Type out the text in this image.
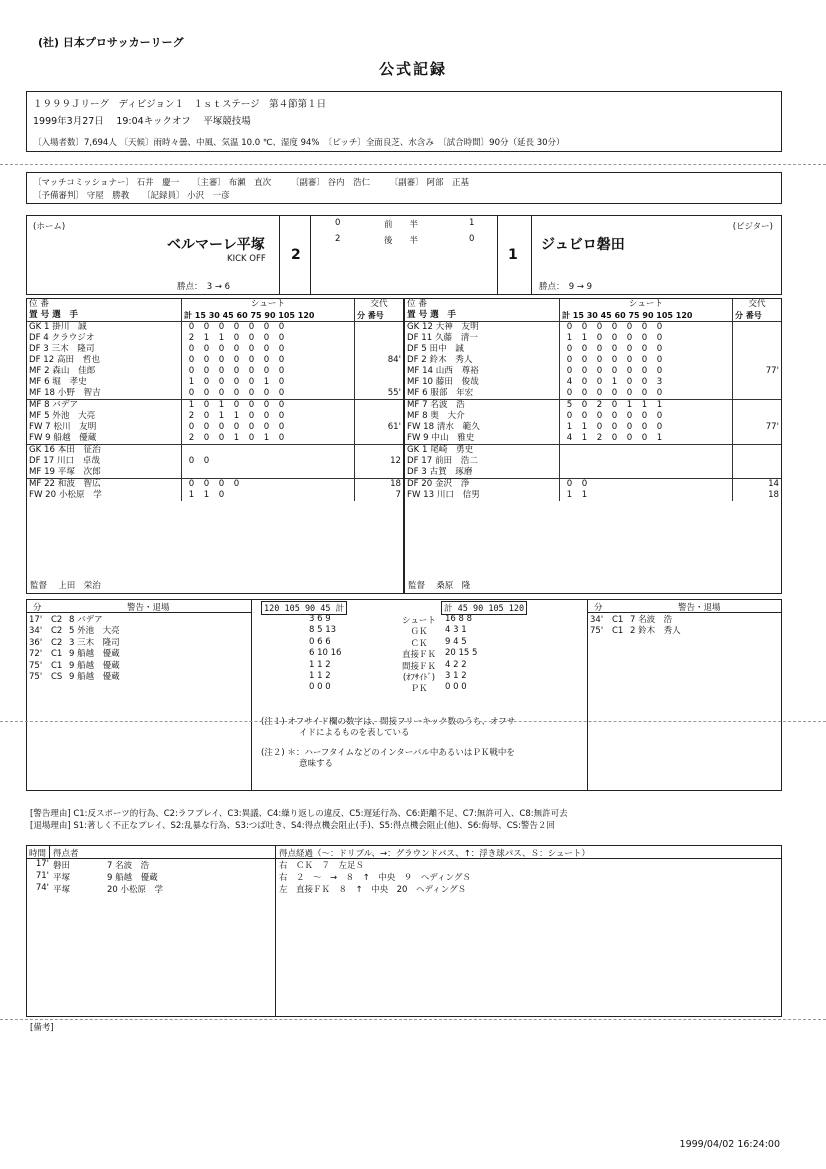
(社) 日本プロサッカーリーグ
公式記録
１９９９Ｊリーグ　ディビジョン１　１ｓｔステージ　第４節第１日
1999年3月27日　 19:04キックオフ　 平塚競技場
〔入場者数〕7,694人 〔天候〕雨時々曇、中風、気温 10.0 ℃、湿度 94%　〔ピッチ〕全面良芝、水含み　〔試合時間〕90分（延長 30分）
〔マッチコミッショナー〕 石井　慶一　　〔主審〕 布瀬　直次　　 〔副審〕 谷内　浩仁　　 〔副審〕 阿部　正基
〔予備審判〕 守屋　勝教　　〔記録員〕 小沢　一彦
(ホーム)	(ビジター)
ベルマーレ平塚
KICK OFF
勝点：　3 → 6
2
0	前　　半	1
2	後　　半	0
1
ジュビロ磐田
勝点：　9 → 9
位 番	シュート	交代
置 号 選　手	計 15 30 45 60 75 90 105 120	分 番号
GK 1 掛川　誠	0 0 0 0 0 0 0	
DF 4 クラウジオ	2 1 1 0 0 0 0	
DF 3 三木　隆司	0 0 0 0 0 0 0	
DF 12 高田　哲也	0 0 0 0 0 0 0	84'
MF 2 森山　佳郎	0 0 0 0 0 0 0	
MF 6 堀　孝史	1 0 0 0 0 1 0	
MF 18 小野　智吉	0 0 0 0 0 0 0	55'
MF 8 バデア	1 0 1 0 0 0 0	
MF 5 外池　大亮	2 0 1 1 0 0 0	
FW 7 松川　友明	0 0 0 0 0 0 0	61'
FW 9 船越　優蔵	2 0 0 1 0 1 0	
GK 16 本田　征治		
DF 17 川口　卓哉	0 0	12
MF 19 平塚　次郎		
MF 22 和波　智広	0 0 0 0	18
FW 20 小松原　学	1 1 0	7
監督　 上田　栄治
位 番	シュート	交代
置 号 選　手	計 15 30 45 60 75 90 105 120	分 番号
GK 12 大神　友明	0 0 0 0 0 0 0	
DF 11 久藤　清一	1 1 0 0 0 0 0	
DF 5 田中　誠	0 0 0 0 0 0 0	
DF 2 鈴木　秀人	0 0 0 0 0 0 0	
MF 14 山西　尊裕	0 0 0 0 0 0 0	77'
MF 10 藤田　俊哉	4 0 0 1 0 0 3	
MF 6 服部　年宏	0 0 0 0 0 0 0	
MF 7 名波　浩	5 0 2 0 1 1 1	
MF 8 奥　大介	0 0 0 0 0 0 0	
FW 18 清水　範久	1 1 0 0 0 0 0	77'
FW 9 中山　雅史	4 1 2 0 0 0 1	
GK 1 尾崎　勇史		
DF 17 前田　浩二		
DF 3 古賀　琢磨		
DF 20 金沢　浄	0 0	14
FW 13 川口　信男	1 1	18
監督　 桑原　隆
分	警告・退場
17' C2 8 バデア
34' C2 5 外池　大亮
36' C2 3 三木　隆司
72' C1 9 船越　優蔵
75' C1 9 船越　優蔵
75' CS 9 船越　優蔵
120 105 90 45 計	計 45 90 105 120
3 6 9	シュート	16 8 8
8 5 13	ＧＫ	4 3 1
0 6 6	ＣＫ	9 4 5
6 10 16	直接ＦＫ	20 15 5
1 1 2	間接ＦＫ	4 2 2
1 1 2	(ｵﾌｻｲﾄﾞ)	3 1 2
0 0 0	ＰＫ	0 0 0
(注１) オフサイド欄の数字は、間接フリーキック数のうち、オフサ
イドによるものを表している
(注２) ＊：ハーフタイムなどのインターバル中あるいはＰＫ戦中を
意味する
分	警告・退場
34' C1 7 名波　浩
75' C1 2 鈴木　秀人
[警告理由] C1:反スポーツ的行為、C2:ラフプレイ、C3:異議、C4:繰り返しの違反、C5:遅延行為、C6:距離不足、C7:無許可入、C8:無許可去
[退場理由] S1:著しく不正なプレイ、S2:乱暴な行為、S3:つば吐き、S4:得点機会阻止(手)、S5:得点機会阻止(他)、S6:侮辱、CS:警告２回
時間 得点者	得点経過（〜：ドリブル、→：グラウンドパス、↑：浮き球パス、Ｓ：シュート）
17' 磐田	7 名波　浩	右　ＣＫ　７　左足Ｓ
71' 平塚	9 船越　優蔵	右　２　〜　→　８　↑　中央　９　ヘディングＳ
74' 平塚	20 小松原　学	左　直接ＦＫ　８　↑　中央　20　ヘディングＳ
[備考]
1999/04/02 16:24:00
